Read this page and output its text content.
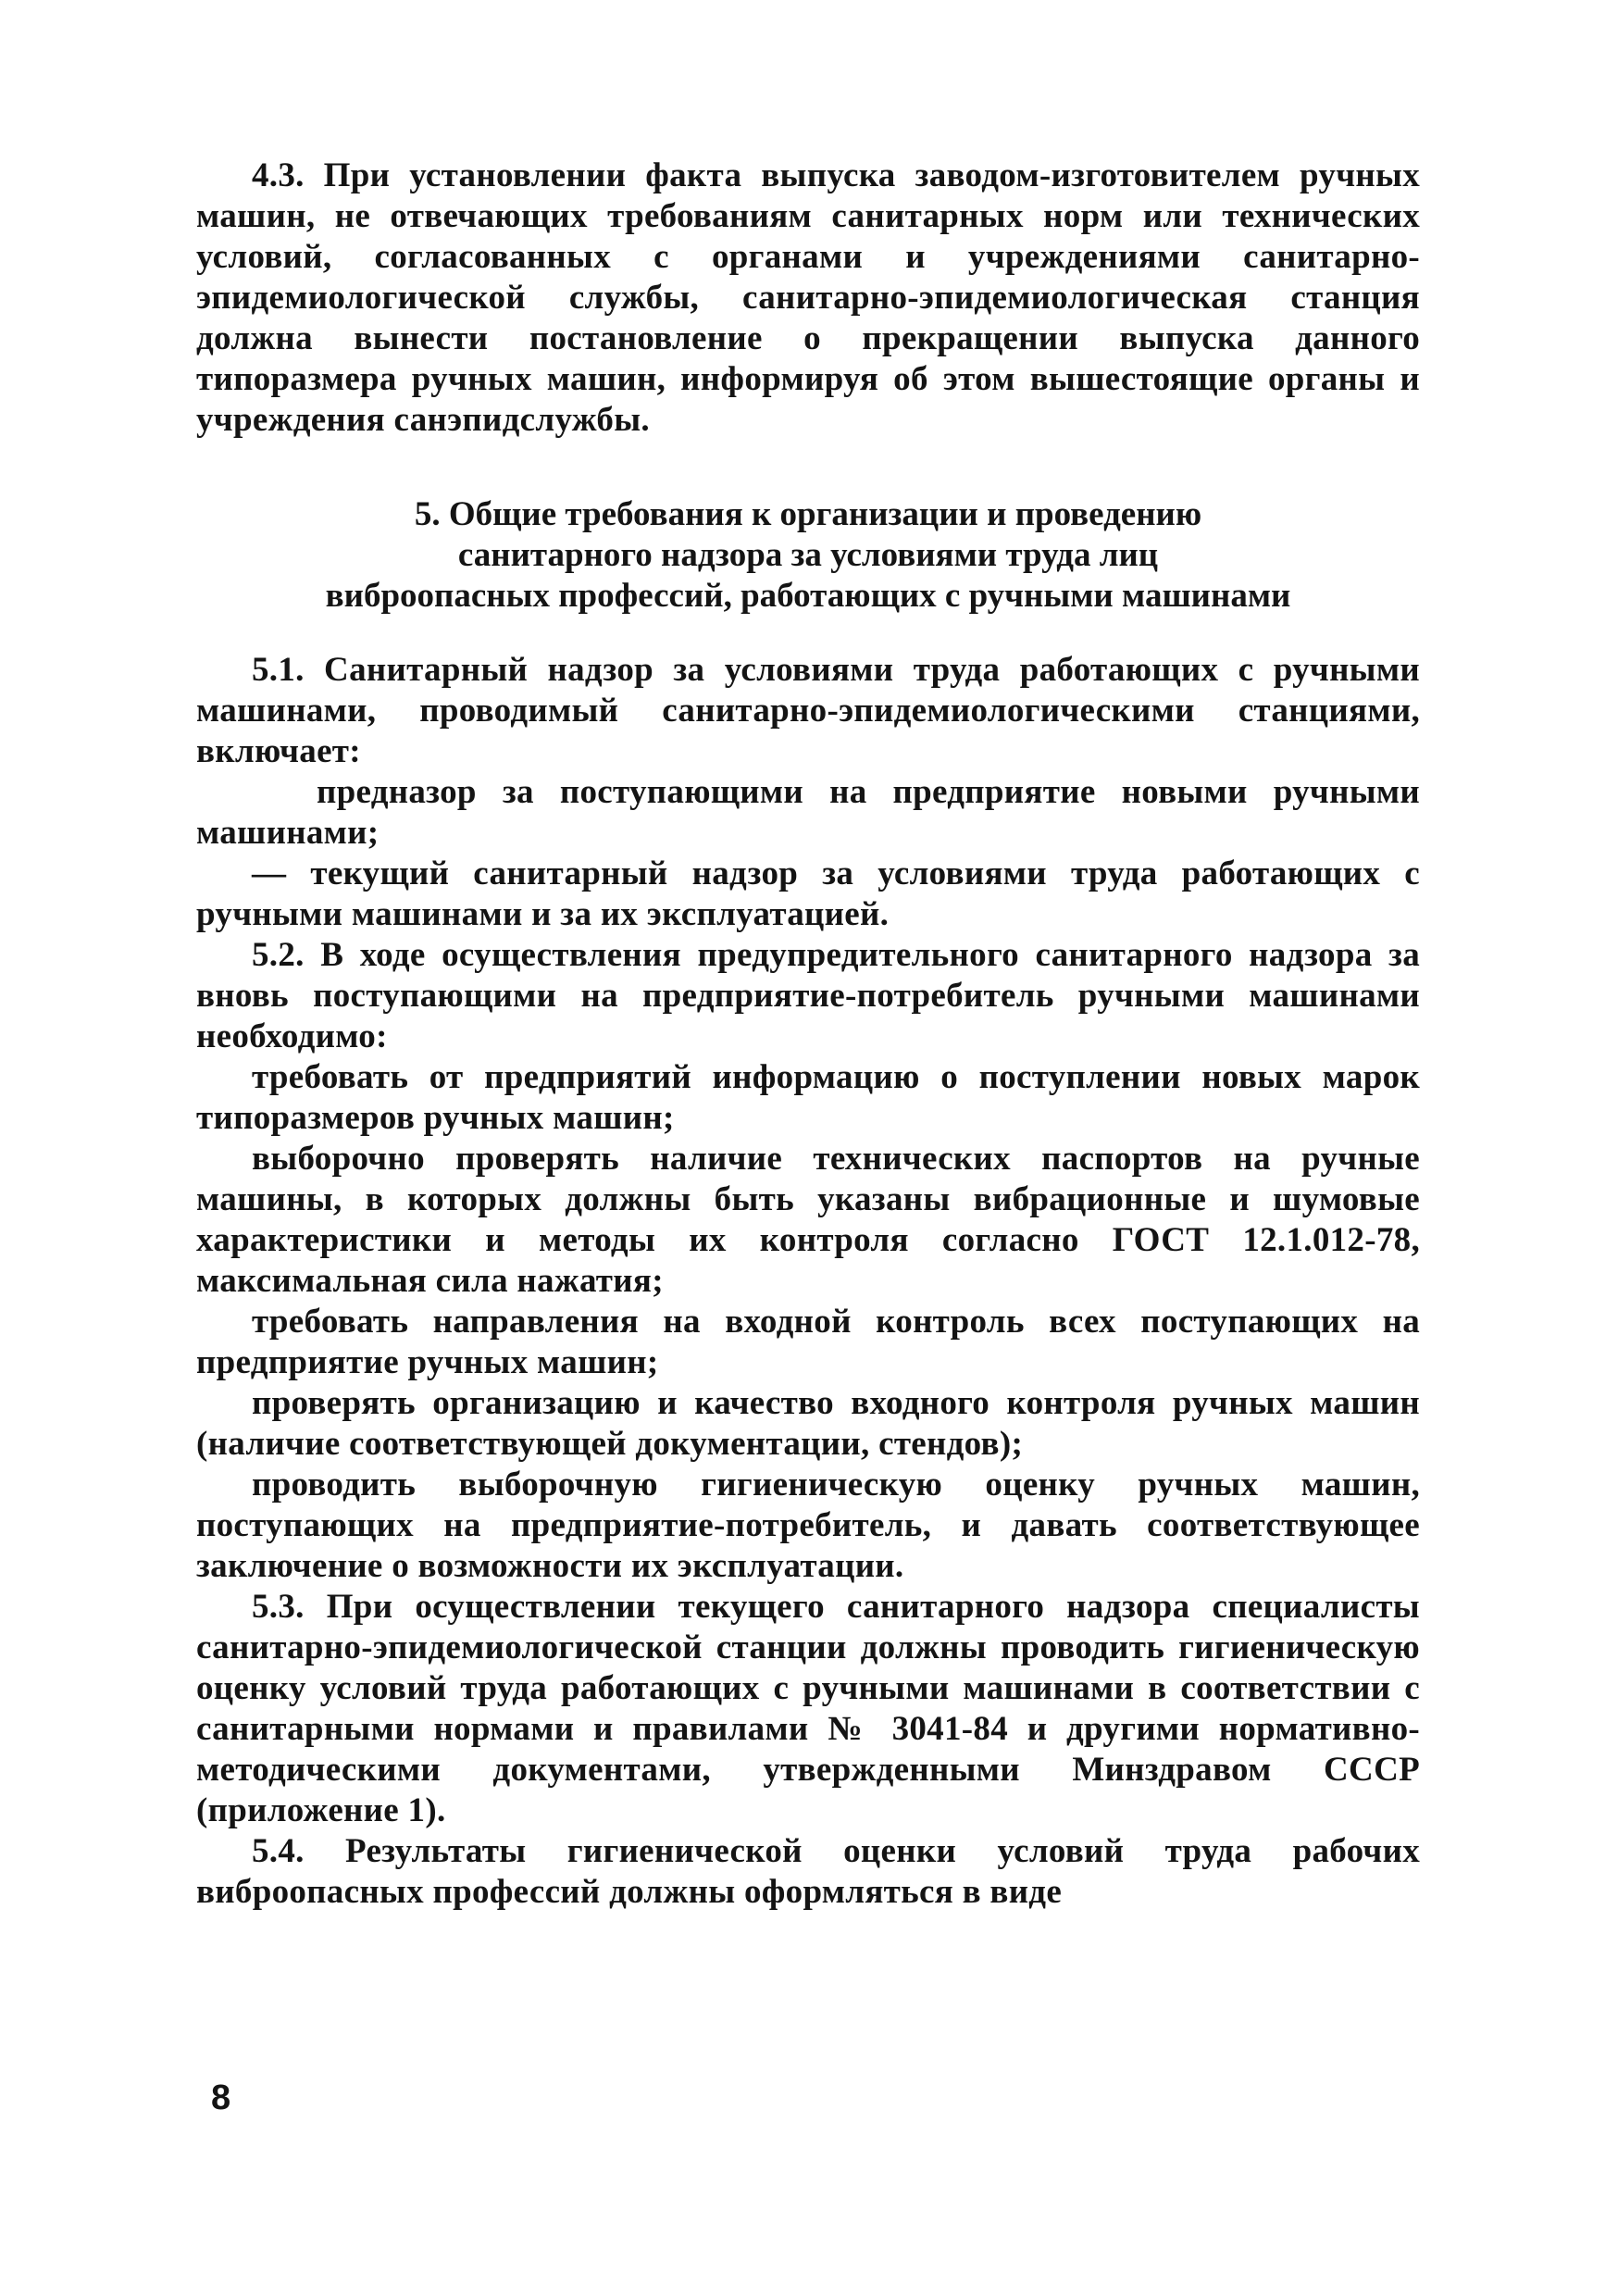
4.3. При установлении факта выпуска заводом-изготовителем ручных машин, не отвечающих требованиям санитарных норм или технических условий, согласованных с органами и учреждениями санитарно-эпидемиологической службы, санитарно-эпидемиологическая станция должна вынести постановление о прекращении выпуска данного типоразмера ручных машин, информируя об этом вышестоящие органы и учреждения санэпидслужбы.

5. Общие требования к организации и проведению
санитарного надзора за условиями труда лиц
виброопасных профессий, работающих с ручными машинами

5.1. Санитарный надзор за условиями труда работающих с ручными машинами, проводимый санитарно-эпидемиологическими станциями, включает:

предназор за поступающими на предприятие новыми ручными машинами;

— текущий санитарный надзор за условиями труда работающих с ручными машинами и за их эксплуатацией.

5.2. В ходе осуществления предупредительного санитарного надзора за вновь поступающими на предприятие-потребитель ручными машинами необходимо:

требовать от предприятий информацию о поступлении новых марок типоразмеров ручных машин;

выборочно проверять наличие технических паспортов на ручные машины, в которых должны быть указаны вибрационные и шумовые характеристики и методы их контроля согласно ГОСТ 12.1.012-78, максимальная сила нажатия;

требовать направления на входной контроль всех поступающих на предприятие ручных машин;

проверять организацию и качество входного контроля ручных машин (наличие соответствующей документации, стендов);

проводить выборочную гигиеническую оценку ручных машин, поступающих на предприятие-потребитель, и давать соответствующее заключение о возможности их эксплуатации.

5.3. При осуществлении текущего санитарного надзора специалисты санитарно-эпидемиологической станции должны проводить гигиеническую оценку условий труда работающих с ручными машинами в соответствии с санитарными нормами и правилами № 3041-84 и другими нормативно-методическими документами, утвержденными Минздравом СССР (приложение 1).

5.4. Результаты гигиенической оценки условий труда рабочих виброопасных профессий должны оформляться в виде

8
